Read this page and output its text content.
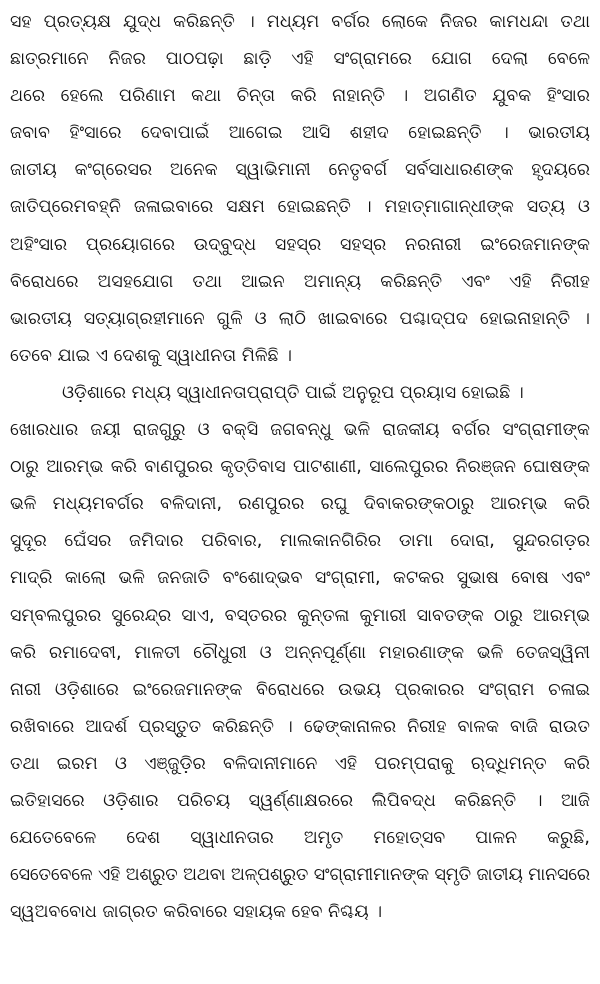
ସହ ପ୍ରତ୍ୟକ୍ଷ ଯୁଦ୍ଧ କରିଛନ୍ତି । ମଧ୍ୟମ ବର୍ଗର ଲୋକେ ନିଜର କାମଧନ୍ଦା ତଥା
ଛାତ୍ରମାନେ ନିଜର ପାଠପଢ଼ା ଛାଡ଼ି ଏହି ସଂଗ୍ରାମରେ ଯୋଗ ଦେଲା ବେଳେ
ଥରେ ହେଲେ ପରିଣାମ କଥା ଚିନ୍ତା କରି ନାହାନ୍ତି । ଅଗଣିତ ଯୁବକ ହିଂସାର
ଜବାବ ହିଂସାରେ ଦେବାପାଇଁ ଆଗେଇ ଆସି ଶହୀଦ ହୋଇଛନ୍ତି । ଭାରତୀୟ
ଜାତୀୟ କଂଗ୍ରେସର ଅନେକ ସ୍ୱାଭିମାନୀ ନେତୃବର୍ଗ ସର୍ବସାଧାରଣଙ୍କ ହୃଦୟରେ
ଜାତିପ୍ରେମବହ୍ନି ଜଳାଇବାରେ ସକ୍ଷମ ହୋଇଛନ୍ତି । ମହାତ୍ମାଗାନ୍ଧୀଙ୍କ ସତ୍ୟ ଓ
ଅହିଂସାର ପ୍ରୟୋଗରେ ଉଦ୍‌ବୁଦ୍ଧ ସହସ୍ର ସହସ୍ର ନରନାରୀ ଇଂରେଜମାନଙ୍କ
ବିରୋଧରେ ଅସହଯୋଗ ତଥା ଆଇନ ଅମାନ୍ୟ କରିଛନ୍ତି ଏବଂ ଏହି ନିରୀହ
ଭାରତୀୟ ସତ୍ୟାଗ୍ରହୀମାନେ ଗୁଳି ଓ ଲାଠି ଖାଇବାରେ ପଶ୍ଚାଦ୍‌ପଦ ହୋଇନାହାନ୍ତି ।
ତେବେ ଯାଇ ଏ ଦେଶକୁ ସ୍ୱାଧୀନତା ମିଳିଛି ।
ଓଡ଼ିଶାରେ ମଧ୍ୟ ସ୍ୱାଧୀନତାପ୍ରାପ୍ତି ପାଇଁ ଅନୁରୂପ ପ୍ରୟାସ ହୋଇଛି ।
ଖୋରଧାର ଜୟୀ ରାଜଗୁରୁ ଓ ବକ୍ସି ଜଗବନ୍ଧୁ ଭଳି ରାଜକୀୟ ବର୍ଗର ସଂଗ୍ରାମୀଙ୍କ
ଠାରୁ ଆରମ୍ଭ କରି ବାଣପୁରର କୃତ୍ତିବାସ ପାଟଶାଣୀ, ସାଲେପୁରର ନିରଞ୍ଜନ ଘୋଷଙ୍କ
ଭଳି ମଧ୍ୟମବର୍ଗର ବଳିଦାନୀ, ରଣପୁରର ରଘୁ ଦିବାକରଙ୍କଠାରୁ ଆରମ୍ଭ କରି
ସୁଦୂର ଘେଁସର ଜମିଦାର ପରିବାର, ମାଲକାନଗିରିର ଡାମା ଦୋରା, ସୁନ୍ଦରଗଡ଼ର
ମାଦ୍ରି କାଲୋ ଭଳି ଜନଜାତି ବଂଶୋଦ୍ଭବ ସଂଗ୍ରାମୀ, କଟକର ସୁଭାଷ ବୋଷ ଏବଂ
ସମ୍ବଲପୁରର ସୁରେନ୍ଦ୍ର ସାଏ, ବସ୍ତରର କୁନ୍ତଳା କୁମାରୀ ସାବତଙ୍କ ଠାରୁ ଆରମ୍ଭ
କରି ରମାଦେବୀ, ମାଳତୀ ଚୌଧୁରୀ ଓ ଅନ୍ନପୂର୍ଣ୍ଣା ମହାରଣାଙ୍କ ଭଳି ତେଜସ୍ୱିନୀ
ନାରୀ ଓଡ଼ିଶାରେ ଇଂରେଜମାନଙ୍କ ବିରୋଧରେ ଉଭୟ ପ୍ରକାରର ସଂଗ୍ରାମ ଚଳାଇ
ରଖିବାରେ ଆଦର୍ଶ ପ୍ରସ୍ତୁତ କରିଛନ୍ତି । ଢେଙ୍କାନାଳର ନିରୀହ ବାଳକ ବାଜି ରାଉତ
ତଥା ଇରମ ଓ ଏଞ୍ଜୁଡ଼ିର ବଳିଦାନୀମାନେ ଏହି ପରମ୍ପରାକୁ ଋଦ୍ଧିମନ୍ତ କରି
ଇତିହାସରେ ଓଡ଼ିଶାର ପରିଚୟ ସ୍ୱର୍ଣ୍ଣାକ୍ଷରରେ ଲିପିବଦ୍ଧ କରିଛନ୍ତି । ଆଜି
ଯେତେବେଳେ ଦେଶ ସ୍ୱାଧୀନତାର ଅମୃତ ମହୋତ୍ସବ ପାଳନ କରୁଛି,
ସେତେବେଳେ ଏହି ଅଶ୍ରୁତ ଅଥବା ଅଳ୍ପଶ୍ରୁତ ସଂଗ୍ରାମୀମାନଙ୍କ ସ୍ମୃତି ଜାତୀୟ ମାନସରେ
ସ୍ୱଅବବୋଧ ଜାଗ୍ରତ କରିବାରେ ସହାୟକ ହେବ ନିଶ୍ଚୟ ।
